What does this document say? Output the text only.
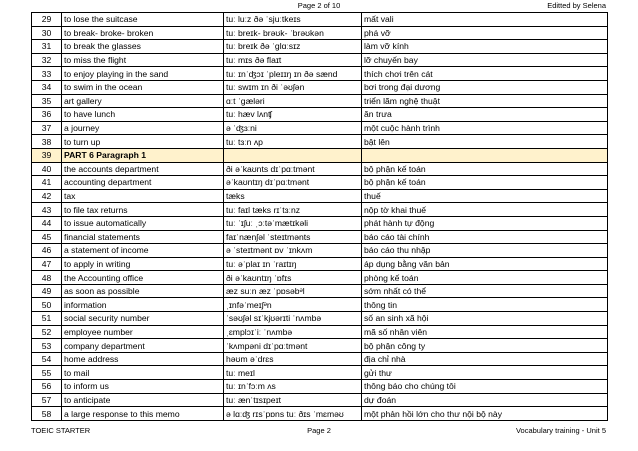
Page 2 of 10	Editted by Selena
29	to lose the suitcase	tuː luːz ðə ˈsjuːtkeɪs	mất vali
30	to break- broke- broken	tuː breɪk- brəʊk- ˈbrəʊkən	phá vỡ
31	to break the glasses	tuː breɪk ðə ˈglɑːsɪz	làm vỡ kính
32	to miss the flight	tuː mɪs ðə flaɪt	lỡ chuyến bay
33	to enjoy playing in the sand	tuː ɪnˈʤɔɪ ˈpleɪɪŋ ɪn ðə sænd	thích chơi trên cát
34	to swim in the ocean	tuː swɪm ɪn ði ˈəʊʃən	bơi trong đại dương
35	art gallery	ɑːt ˈgæləri	triển lãm nghệ thuật
36	to have lunch	tuː hæv lʌnʧ	ăn trưa
37	a journey	ə ˈʤɜːni	một cuộc hành trình
38	to turn up	tuː tɜːn ʌp	bật lên
39	PART 6 Paragraph 1		
40	the accounts department	ði əˈkaʊnts dɪˈpɑːtmənt	bộ phận kế toán
41	accounting department	əˈkaʊntɪŋ dɪˈpɑːtmənt	bộ phận kế toán
42	tax	tæks	thuế
43	to file tax returns	tuː faɪl tæks rɪˈtɜːnz	nộp tờ khai thuế
44	to issue automatically	tuː ˈɪʃuː ˌɔːtəˈmætɪkəli	phát hành tự động
45	financial statements	faɪˈnænʃəl ˈsteɪtmənts	báo cáo tài chính
46	a statement of income	ə ˈsteɪtmənt ɒv ˈɪnkʌm	báo cáo thu nhập
47	to apply in writing	tuː əˈplaɪ ɪn ˈraɪtɪŋ	áp dụng bằng văn bản
48	the Accounting office	ði əˈkaʊntɪŋ ˈɒfɪs	phòng kế toán
49	as soon as possible	æz suːn æz ˈpɒsəbᵊl	sớm nhất có thể
50	information	ˌɪnfəˈmeɪʃᵊn	thông tin
51	social security number	ˈsəʊʃəl sɪˈkjʊərɪti ˈnʌmbə	số an sinh xã hội
52	employee number	ˌɛmplɔɪˈiː ˈnʌmbə	mã số nhân viên
53	company department	ˈkʌmpəni dɪˈpɑːtmənt	bộ phận công ty
54	home address	həʊm əˈdrɛs	địa chỉ nhà
55	to mail	tuː meɪl	gửi thư
56	to inform us	tuː ɪnˈfɔːm ʌs	thông báo cho chúng tôi
57	to anticipate	tuː ænˈtɪsɪpeɪt	dự đoán
58	a large response to this memo	ə lɑːʤ rɪsˈpɒns tuː ðɪs ˈmɛməʊ	một phản hồi lớn cho thư nội bộ này
TOEIC STARTER	Page 2	Vocabulary training - Unit 5
